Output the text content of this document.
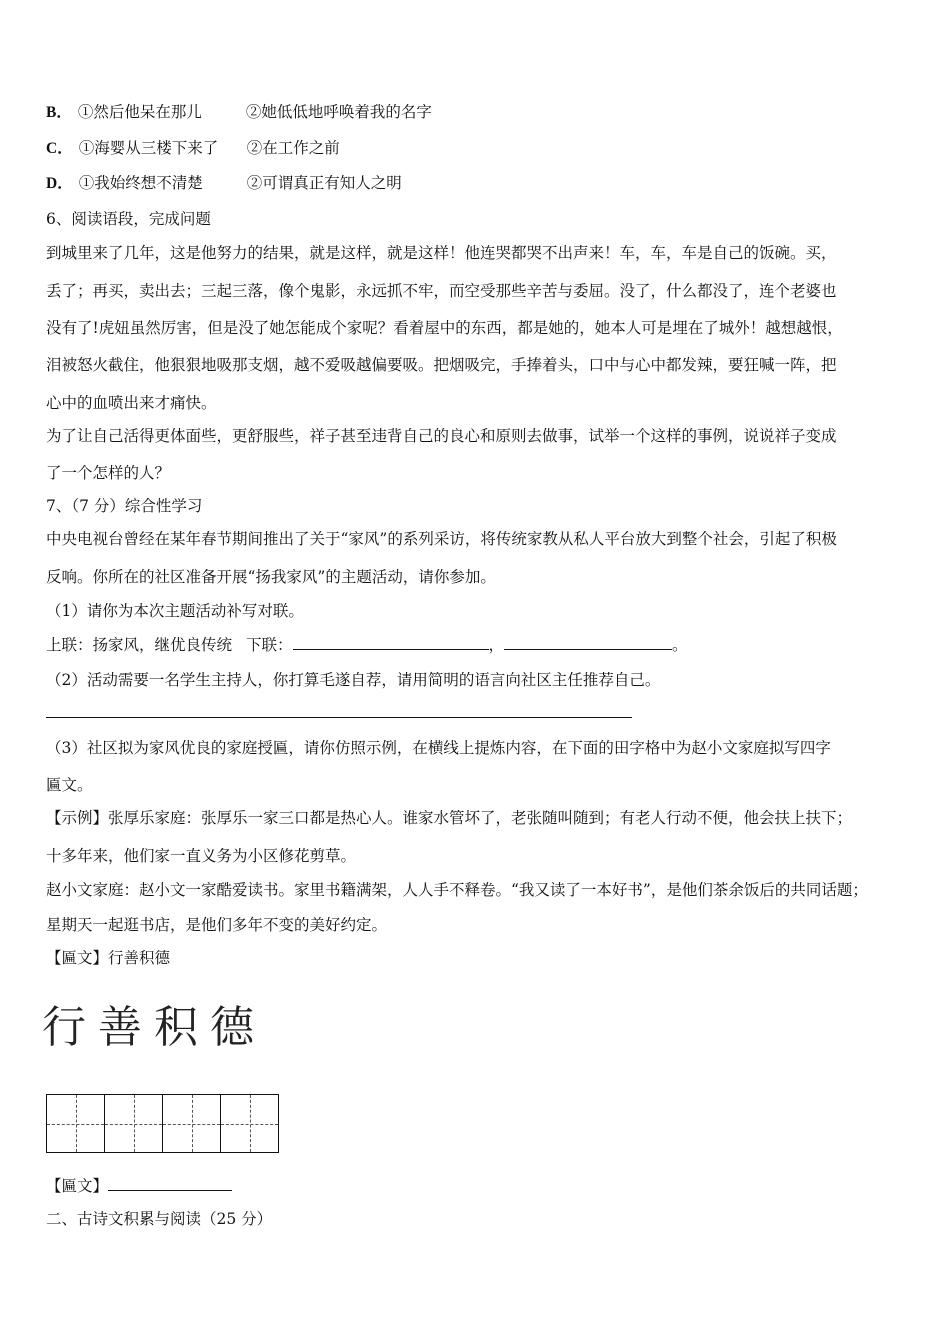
B． ①然后他呆在那儿	②她低低地呼唤着我的名字
C． ①海婴从三楼下来了 ②在工作之前
D． ①我始终想不清楚	②可谓真正有知人之明
6、阅读语段，完成问题
到城里来了几年，这是他努力的结果，就是这样，就是这样！他连哭都哭不出声来！车，车，车是自己的饭碗。买，
丢了；再买，卖出去；三起三落，像个鬼影，永远抓不牢，而空受那些辛苦与委屈。没了，什么都没了，连个老婆也
没有了!虎妞虽然厉害，但是没了她怎能成个家呢？看着屋中的东西，都是她的，她本人可是埋在了城外！越想越恨，
泪被怒火截住，他狠狠地吸那支烟，越不爱吸越偏要吸。把烟吸完，手捧着头，口中与心中都发辣，要狂喊一阵，把
心中的血喷出来才痛快。
为了让自己活得更体面些，更舒服些，祥子甚至违背自己的良心和原则去做事，试举一个这样的事例，说说祥子变成
了一个怎样的人？
7、（7 分）综合性学习
中央电视台曾经在某年春节期间推出了关于“家风”的系列采访，将传统家教从私人平台放大到整个社会，引起了积极
反响。你所在的社区准备开展“扬我家风”的主题活动，请你参加。
（1）请你为本次主题活动补写对联。
上联：扬家风，继优良传统 下联：	，	。
（2）活动需要一名学生主持人，你打算毛遂自荐，请用简明的语言向社区主任推荐自己。
（3）社区拟为家风优良的家庭授匾，请你仿照示例，在横线上提炼内容，在下面的田字格中为赵小文家庭拟写四字
匾文。
【示例】张厚乐家庭：张厚乐一家三口都是热心人。谁家水管坏了，老张随叫随到；有老人行动不便，他会扶上扶下；
十多年来，他们家一直义务为小区修花剪草。
赵小文家庭：赵小文一家酷爱读书。家里书籍满架，人人手不释卷。“我又读了一本好书”，是他们茶余饭后的共同话题；
星期天一起逛书店，是他们多年不变的美好约定。
【匾文】行善积德
行善积德
【匾文】
二、古诗文积累与阅读（25 分）
